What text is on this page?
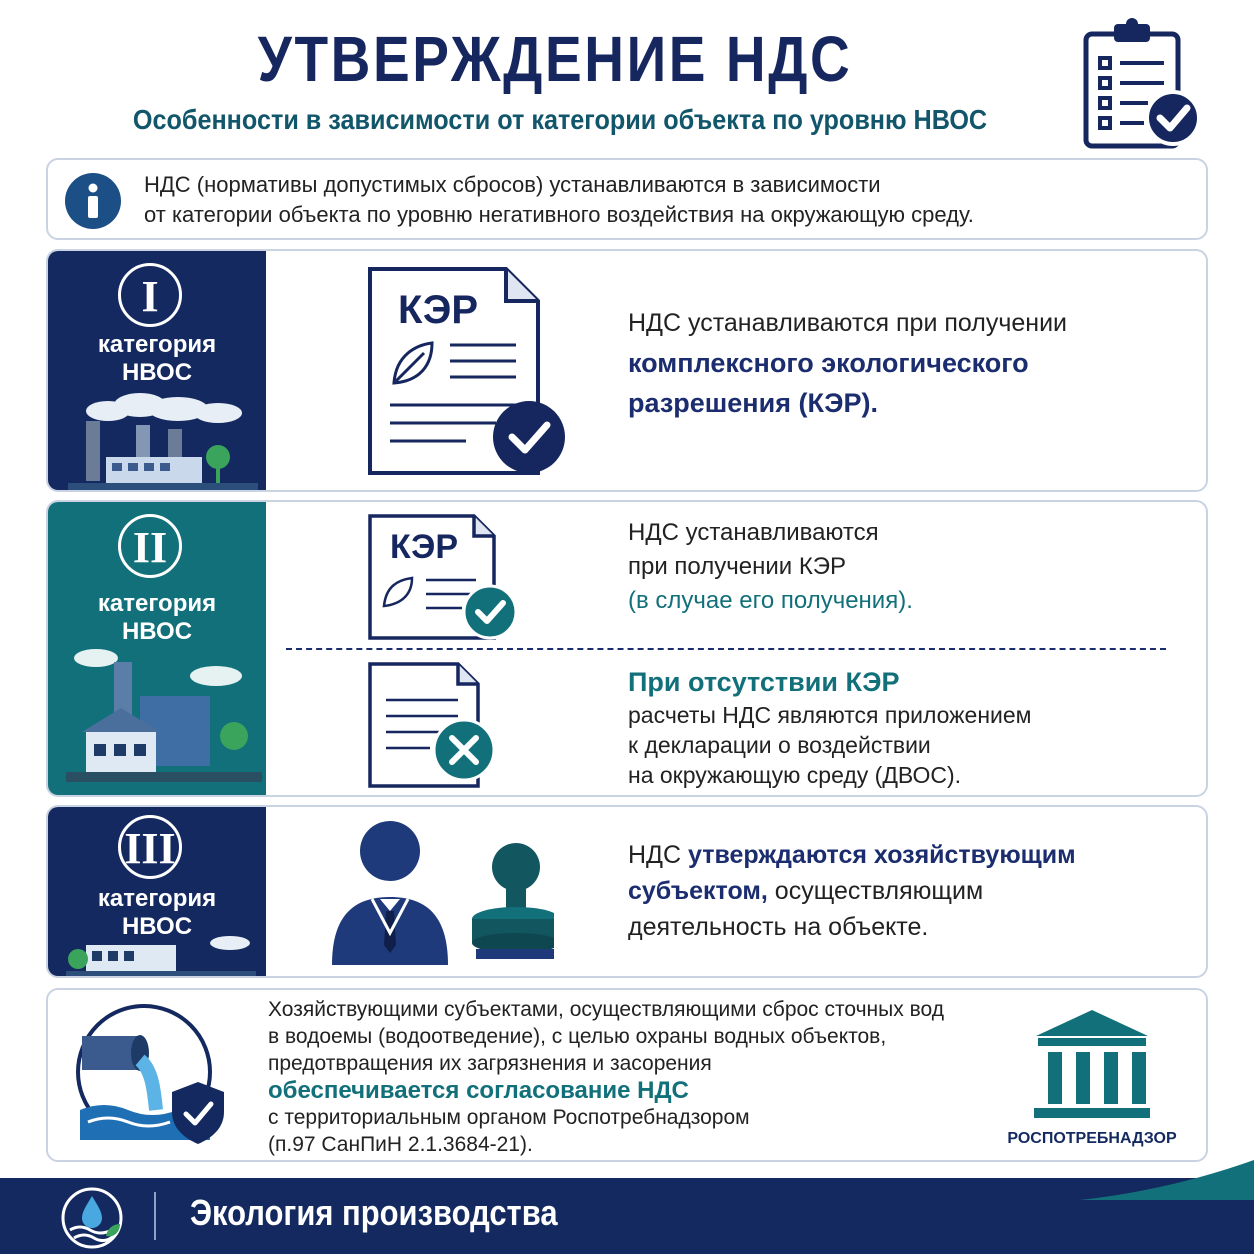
УТВЕРЖДЕНИЕ НДС
Особенности в зависимости от категории объекта по уровню НВОС
НДС (нормативы допустимых сбросов) устанавливаются в зависимости
от категории объекта по уровню негативного воздействия на окружающую среду.
I
категория
НВОС
КЭР	НДС устанавливаются при получении
комплексного экологического
разрешения (КЭР).
II
категория
НВОС
КЭР	НДС устанавливаются
при получении КЭР
(в случае его получения).
При отсутствии КЭР
расчеты НДС являются приложением
к декларации о воздействии
на окружающую среду (ДВОС).
III
категория
НВОС
НДС утверждаются хозяйствующим
субъектом, осуществляющим
деятельность на объекте.
Хозяйствующими субъектами, осуществляющими сброс сточных вод
в водоемы (водоотведение), с целью охраны водных объектов,
предотвращения их загрязнения и засорения
обеспечивается согласование НДС
с территориальным органом Роспотребнадзором
(п.97 СанПиН 2.1.3684-21).	РОСПОТРЕБНАДЗОР
Экология производства
